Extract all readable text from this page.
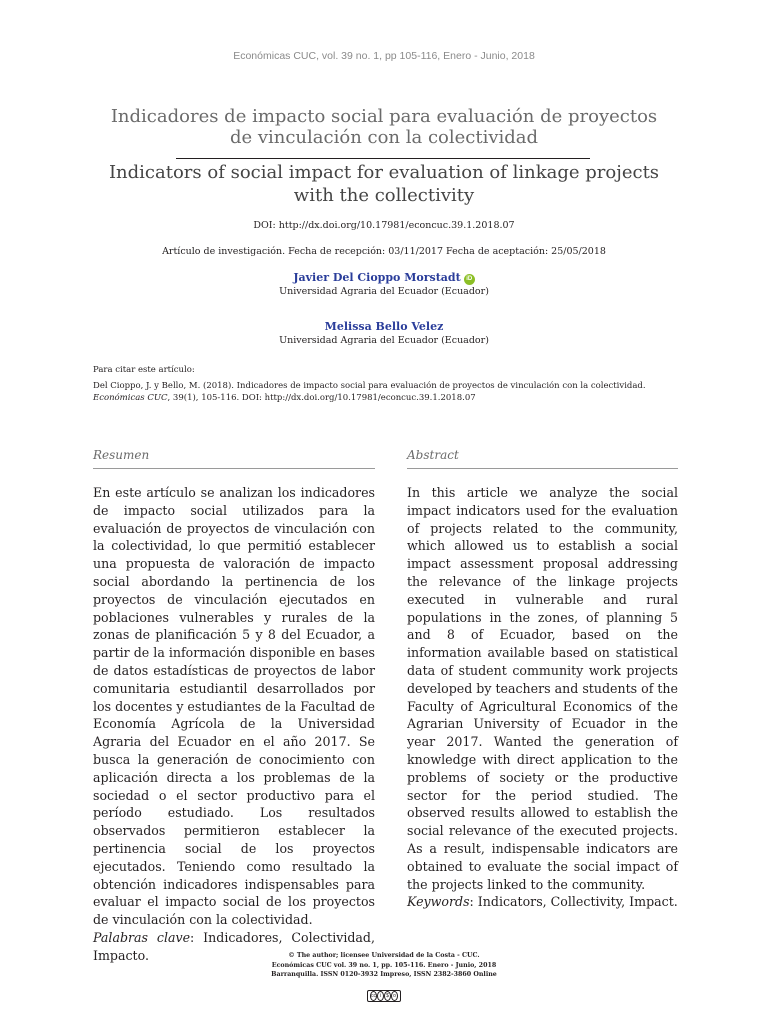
Económicas CUC, vol. 39 no. 1, pp 105-116, Enero - Junio, 2018
Indicadores de impacto social para evaluación de proyectos de vinculación con la colectividad
Indicators of social impact for evaluation of linkage projects with the collectivity
DOI: http://dx.doi.org/10.17981/econcuc.39.1.2018.07
Artículo de investigación. Fecha de recepción: 03/11/2017 Fecha de aceptación: 25/05/2018
Javier Del Cioppo Morstadt iD
Universidad Agraria del Ecuador (Ecuador)
Melissa Bello Velez
Universidad Agraria del Ecuador (Ecuador)
Para citar este artículo:
Del Cioppo, J. y Bello, M. (2018). Indicadores de impacto social para evaluación de proyectos de vinculación con la colectividad. Económicas CUC, 39(1), 105-116. DOI: http://dx.doi.org/10.17981/econcuc.39.1.2018.07
Resumen

En este artículo se analizan los indicadores de impacto social utilizados para la evaluación de proyectos de vinculación con la colectividad, lo que permitió establecer una propuesta de valoración de impacto social abordando la pertinencia de los proyectos de vinculación ejecutados en poblaciones vulnerables y rurales de la zonas de planificación 5 y 8 del Ecuador, a partir de la información disponible en bases de datos estadísticas de proyectos de labor comunitaria estudiantil desarrollados por los docentes y estudiantes de la Facultad de Economía Agrícola de la Universidad Agraria del Ecuador en el año 2017. Se busca la generación de conocimiento con aplicación directa a los problemas de la sociedad o el sector productivo para el período estudiado. Los resultados observados permitieron establecer la pertinencia social de los proyectos ejecutados. Teniendo como resultado la obtención indicadores indispensables para evaluar el impacto social de los proyectos de vinculación con la colectividad.
Palabras clave: Indicadores, Colectividad, Impacto.

Abstract

In this article we analyze the social impact indicators used for the evaluation of projects related to the community, which allowed us to establish a social impact assessment proposal addressing the relevance of the linkage projects executed in vulnerable and rural populations in the zones, of planning 5 and 8 of Ecuador, based on the information available based on statistical data of student community work projects developed by teachers and students of the Faculty of Agricultural Economics of the Agrarian University of Ecuador in the year 2017. Wanted the generation of knowledge with direct application to the problems of society or the productive sector for the period studied. The observed results allowed to establish the social relevance of the executed projects. As a result, indispensable indicators are obtained to evaluate the social impact of the projects linked to the community.
Keywords: Indicators, Collectivity, Impact.

© The author; licensee Universidad de la Costa - CUC.
Económicas CUC vol. 39 no. 1, pp. 105-116. Enero - Junio, 2018
Barranquilla. ISSN 0120-3932 Impreso, ISSN 2382-3860 Online
cc i	$ o
